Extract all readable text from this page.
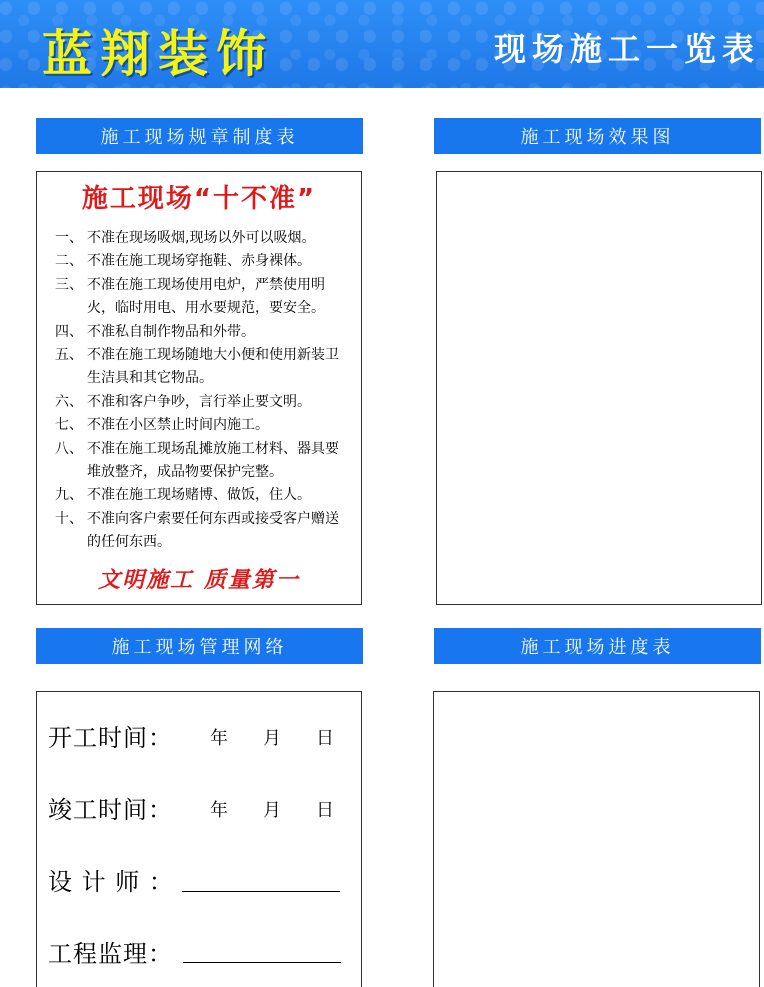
蓝翔装饰	现场施工一览表
施工现场规章制度表	施工现场效果图
施工现场“十不准”
一、 不准在现场吸烟,现场以外可以吸烟。
二、 不准在施工现场穿拖鞋、赤身裸体。
三、 不准在施工现场使用电炉，严禁使用明火，临时用电、用水要规范，要安全。
四、 不准私自制作物品和外带。
五、 不准在施工现场随地大小便和使用新装卫生洁具和其它物品。
六、 不准和客户争吵，言行举止要文明。
七、 不准在小区禁止时间内施工。
八、 不准在施工现场乱摊放施工材料、器具要堆放整齐，成品物要保护完整。
九、 不准在施工现场赌博、做饭，住人。
十、 不准向客户索要任何东西或接受客户赠送的任何东西。
文明施工 质量第一
施工现场管理网络	施工现场进度表
开工时间： 年 月 日
竣工时间： 年 月 日
设 计 师 ：
工程监理：
